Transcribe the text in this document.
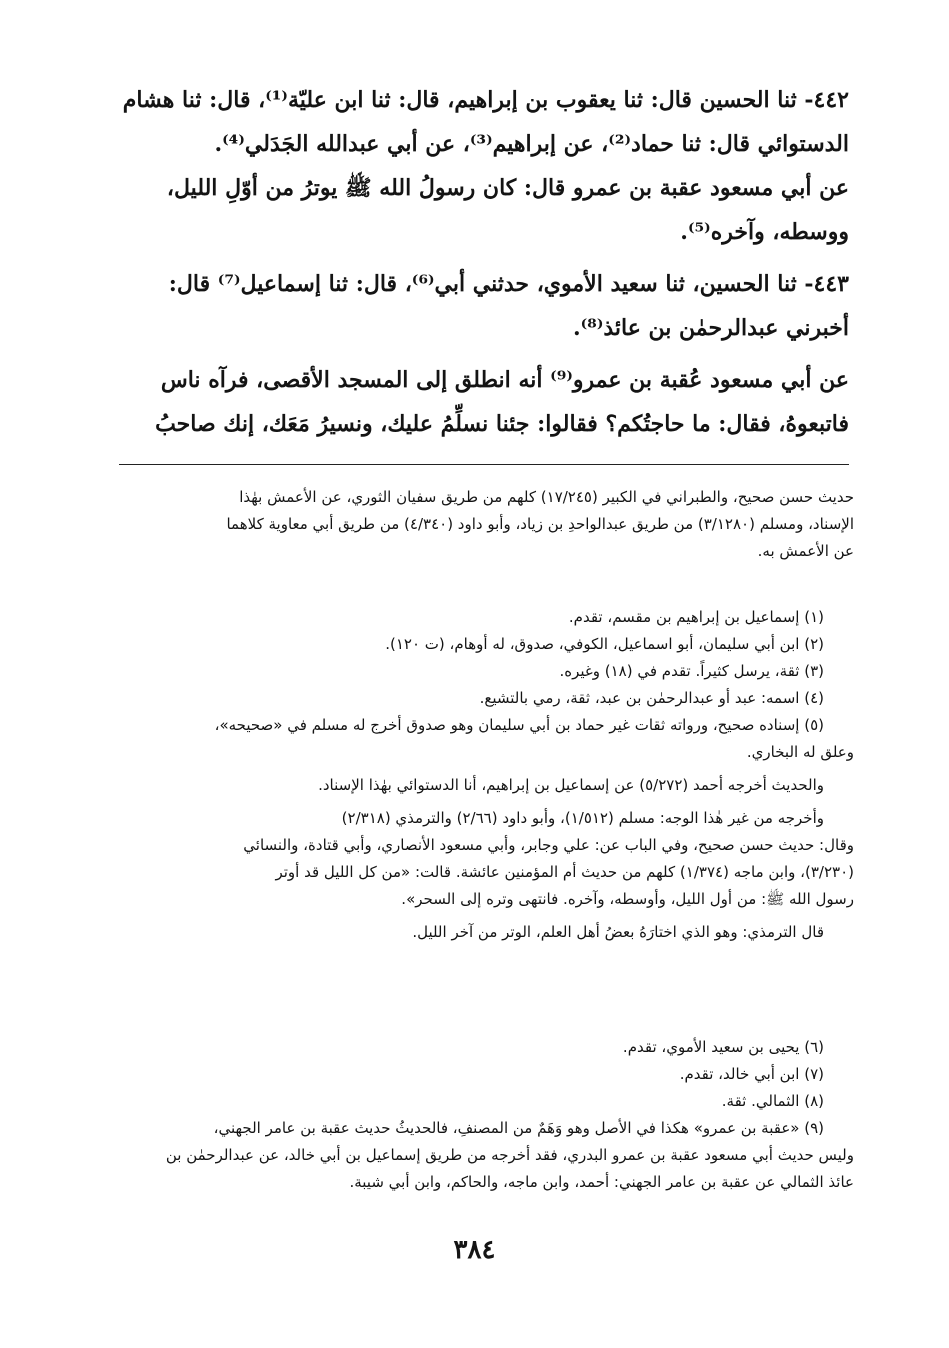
٤٤٢- ثنا الحسين قال: ثنا يعقوب بن إبراهيم، قال: ثنا ابن عليّة⁽¹⁾، قال: ثنا هشام

الدستوائي قال: ثنا حماد⁽²⁾، عن إبراهيم⁽³⁾، عن أبي عبدالله الجَدَلي⁽⁴⁾.

عن أبي مسعود عقبة بن عمرو قال: كان رسولُ الله ﷺ يوترُ من أوّلِ الليل،

ووسطه، وآخره⁽⁵⁾.

٤٤٣- ثنا الحسين، ثنا سعيد الأموي، حدثني أبي⁽⁶⁾، قال: ثنا إسماعيل⁽⁷⁾ قال:

أخبرني عبدالرحمٰن بن عائذ⁽⁸⁾.

عن أبي مسعود عُقبة بن عمرو⁽⁹⁾ أنه انطلق إلى المسجد الأقصى، فرآه ناس

فاتبعوهُ، فقال: ما حاجتُكم؟ فقالوا: جئنا نسلِّمُ عليك، ونسيرُ مَعَك، إنك صاحبُ

حديث حسن صحيح، والطبراني في الكبير (١٧/٢٤٥) كلهم من طريق سفيان الثوري، عن الأعمش بهٰذا

الإسناد، ومسلم (٣/١٢٨٠) من طريق عبدالواحدِ بن زياد، وأبو داود (٤/٣٤٠) من طريق أبي معاوية كلاهما

عن الأعمش به.

(١) إسماعيل بن إبراهيم بن مقسم، تقدم.

(٢) ابن أبي سليمان، أبو اسماعيل، الكوفي، صدوق، له أوهام، (ت ١٢٠).

(٣) ثقة، يرسل كثيراً. تقدم في (١٨) وغيره.

(٤) اسمه: عبد أو عبدالرحمٰن بن عبد، ثقة، رمي بالتشيع.

(٥) إسناده صحيح، ورواته ثقات غير حماد بن أبي سليمان وهو صدوق أخرج له مسلم في «صحيحه»،

وعلق له البخاري.

والحديث أخرجه أحمد (٥/٢٧٢) عن إسماعيل بن إبراهيم، أنا الدستوائي بهٰذا الإسناد.

وأخرجه من غير هٰذا الوجه: مسلم (١/٥١٢)، وأبو داود (٢/٦٦) والترمذي (٢/٣١٨)

وقال: حديث حسن صحيح، وفي الباب عن: علي وجابر، وأبي مسعود الأنصاري، وأبي قتادة، والنسائي

(٣/٢٣٠)، وابن ماجه (١/٣٧٤) كلهم من حديث أم المؤمنين عائشة. قالت: «من كل الليل قد أوتر

رسول الله ﷺ: من أول الليل، وأوسطه، وآخره. فانتهى وتره إلى السحر».

قال الترمذي: وهو الذي اختارَهُ بعضُ أهل العلم، الوتر من آخر الليل.

(٦) يحيى بن سعيد الأموي، تقدم.

(٧) ابن أبي خالد، تقدم.

(٨) الثمالي. ثقة.

(٩) «عقبة بن عمرو» هكذا في الأصل وهو وَهَمٌ من المصنفِ، فالحديثُ حديث عقبة بن عامر الجهني،

وليس حديث أبي مسعود عقبة بن عمرو البدري، فقد أخرجه من طريق إسماعيل بن أبي خالد، عن عبدالرحمٰن بن

عائذ الثمالي عن عقبة بن عامر الجهني: أحمد، وابن ماجه، والحاكم، وابن أبي شيبة.

٣٨٤
